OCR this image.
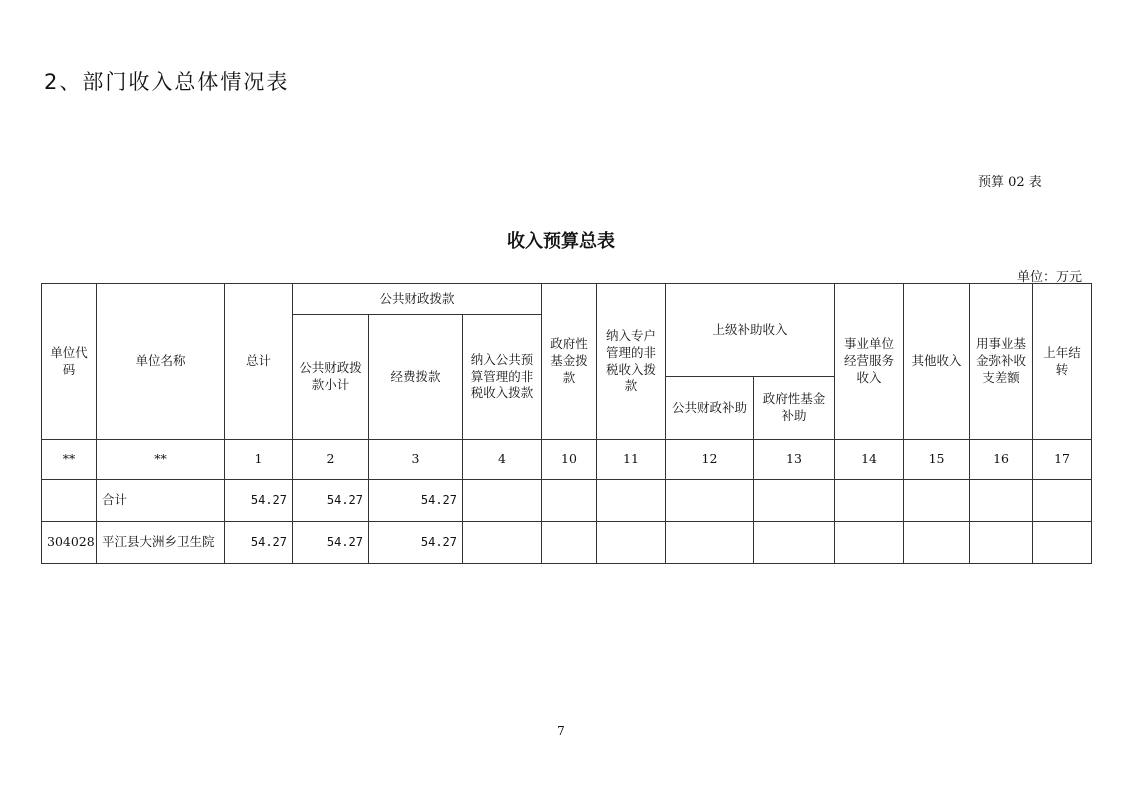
2、部门收入总体情况表
预算 02 表
收入预算总表
单位：万元
单位代码	单位名称	总计	公共财政拨款			政府性基金拨款	纳入专户管理的非税收入拨款	上级补助收入		事业单位经营服务收入	其他收入	用事业基金弥补收支差额	上年结转
			公共财政拨款小计	经费拨款	纳入公共预算管理的非税收入拨款								
								公共财政补助	政府性基金补助				
**	**	1	2	3	4	10	11	12	13	14	15	16	17
	合计	54.27	54.27	54.27									
304028	平江县大洲乡卫生院	54.27	54.27	54.27									
7
